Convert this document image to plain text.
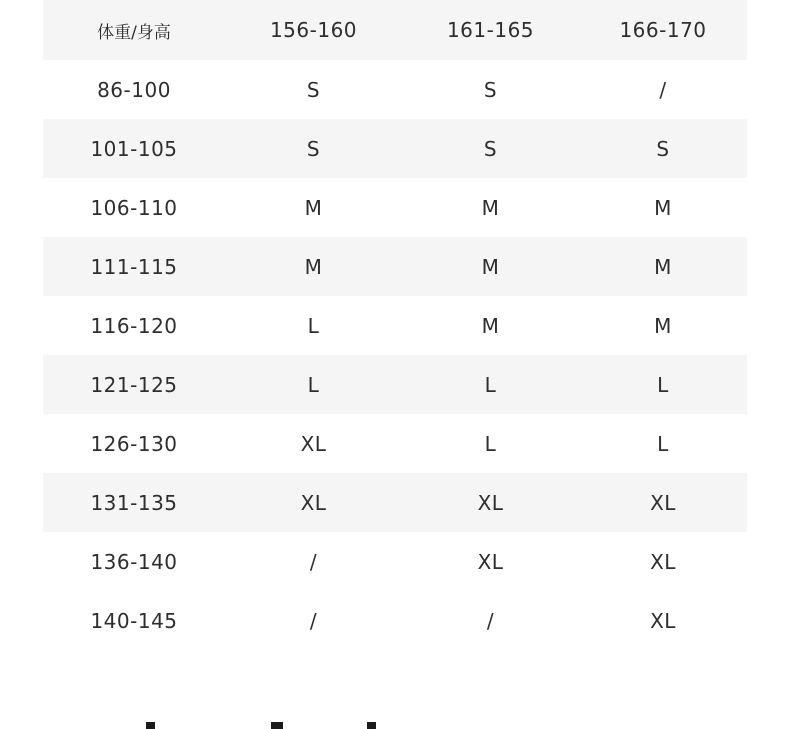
体重/身高	156-160	161-165	166-170
86-100	S	S	/
101-105	S	S	S
106-110	M	M	M
111-115	M	M	M
116-120	L	M	M
121-125	L	L	L
126-130	XL	L	L
131-135	XL	XL	XL
136-140	/	XL	XL
140-145	/	/	XL
